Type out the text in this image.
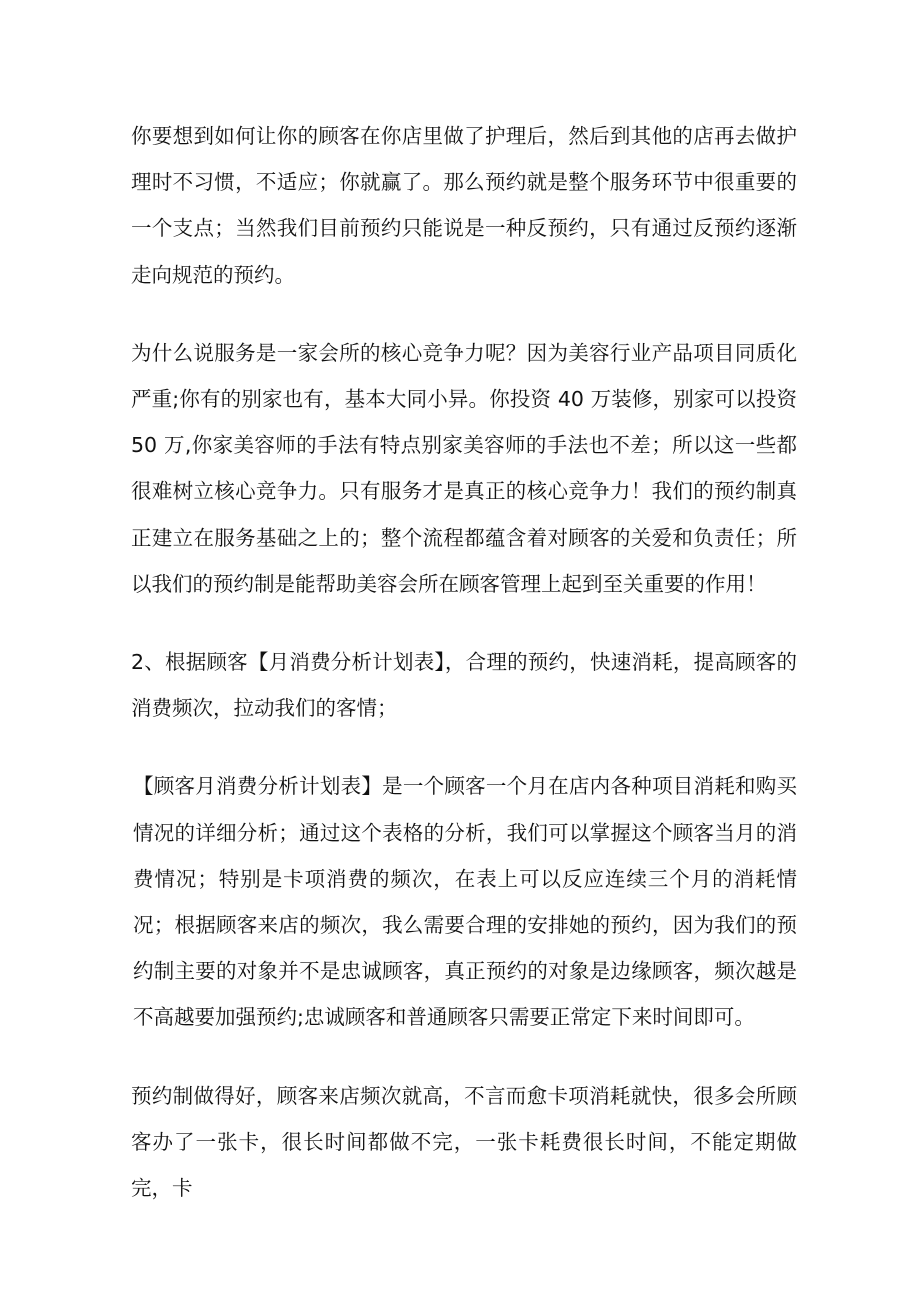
你要想到如何让你的顾客在你店里做了护理后，然后到其他的店再去做护理时不习惯，不适应；你就赢了。那么预约就是整个服务环节中很重要的一个支点；当然我们目前预约只能说是一种反预约，只有通过反预约逐渐走向规范的预约。

为什么说服务是一家会所的核心竞争力呢？因为美容行业产品项目同质化严重;你有的别家也有，基本大同小异。你投资 40 万装修，别家可以投资 50 万,你家美容师的手法有特点别家美容师的手法也不差；所以这一些都很难树立核心竞争力。只有服务才是真正的核心竞争力！我们的预约制真正建立在服务基础之上的；整个流程都蕴含着对顾客的关爱和负责任；所以我们的预约制是能帮助美容会所在顾客管理上起到至关重要的作用！

2、根据顾客【月消费分析计划表】，合理的预约，快速消耗，提高顾客的消费频次，拉动我们的客情；

【顾客月消费分析计划表】是一个顾客一个月在店内各种项目消耗和购买情况的详细分析；通过这个表格的分析，我们可以掌握这个顾客当月的消费情况；特别是卡项消费的频次，在表上可以反应连续三个月的消耗情况；根据顾客来店的频次，我么需要合理的安排她的预约，因为我们的预约制主要的对象并不是忠诚顾客，真正预约的对象是边缘顾客，频次越是不高越要加强预约;忠诚顾客和普通顾客只需要正常定下来时间即可。

预约制做得好，顾客来店频次就高，不言而愈卡项消耗就快，很多会所顾客办了一张卡，很长时间都做不完，一张卡耗费很长时间，不能定期做完，卡
